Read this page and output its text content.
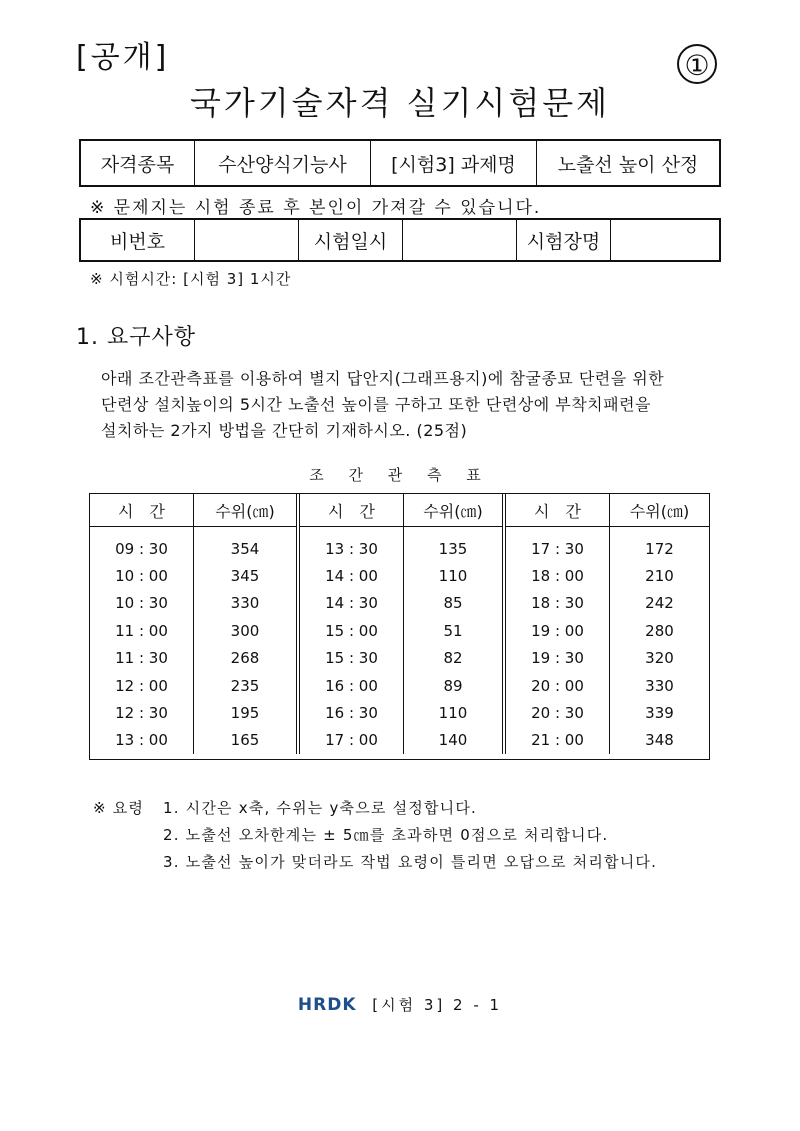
[공개]	①
국가기술자격 실기시험문제
자격종목	수산양식기능사	[시험3] 과제명	노출선 높이 산정
※ 문제지는 시험 종료 후 본인이 가져갈 수 있습니다.
비번호		시험일시		시험장명	
※ 시험시간: [시험 3] 1시간
1. 요구사항
아래 조간관측표를 이용하여 별지 답안지(그래프용지)에 참굴종묘 단련을 위한
단련상 설치높이의 5시간 노출선 높이를 구하고 또한 단련상에 부착치패련을
설치하는 2가지 방법을 간단히 기재하시오. (25점)
조 간 관 측 표
시　간	수위(㎝)	시　간	수위(㎝)	시　간	수위(㎝)
09 : 30	354	13 : 30	135	17 : 30	172
10 : 00	345	14 : 00	110	18 : 00	210
10 : 30	330	14 : 30	85	18 : 30	242
11 : 00	300	15 : 00	51	19 : 00	280
11 : 30	268	15 : 30	82	19 : 30	320
12 : 00	235	16 : 00	89	20 : 00	330
12 : 30	195	16 : 30	110	20 : 30	339
13 : 00	165	17 : 00	140	21 : 00	348
※ 요령	1. 시간은 x축, 수위는 y축으로 설정합니다.
2. 노출선 오차한계는 ± 5㎝를 초과하면 0점으로 처리합니다.
3. 노출선 높이가 맞더라도 작법 요령이 틀리면 오답으로 처리합니다.
HRDK [시험 3] 2 - 1
